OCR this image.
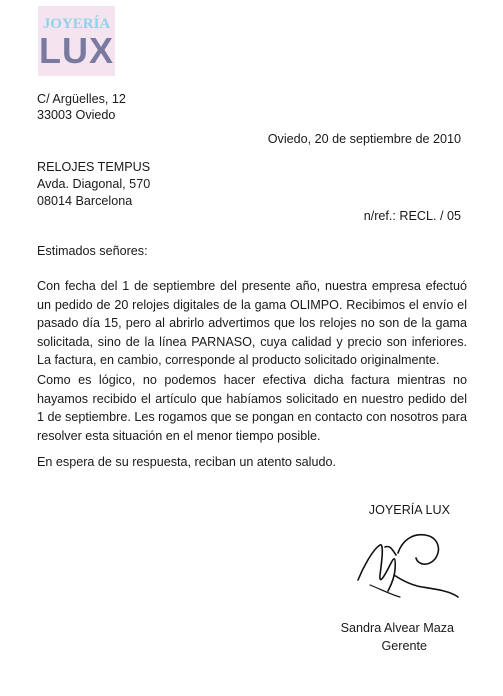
JOYERÍA
LUX
C/ Argüelles, 12
33003 Oviedo
Oviedo, 20 de septiembre de 2010
RELOJES TEMPUS
Avda. Diagonal, 570
08014 Barcelona
n/ref.: RECL. / 05
Estimados señores:
Con fecha del 1 de septiembre del presente año, nuestra empresa efectuó un pedido de 20 relojes digitales de la gama OLIMPO. Recibimos el envío el pasado día 15, pero al abrirlo advertimos que los relojes no son de la gama solicitada, sino de la línea PARNASO, cuya calidad y precio son inferiores. La factura, en cambio, corresponde al producto solicitado originalmente.
Como es lógico, no podemos hacer efectiva dicha factura mientras no hayamos recibido el artículo que habíamos solicitado en nuestro pedido del 1 de septiembre. Les rogamos que se pongan en contacto con nosotros para resolver esta situación en el menor tiempo posible.
En espera de su respuesta, reciban un atento saludo.
JOYERÍA LUX
Sandra Alvear Maza
Gerente
